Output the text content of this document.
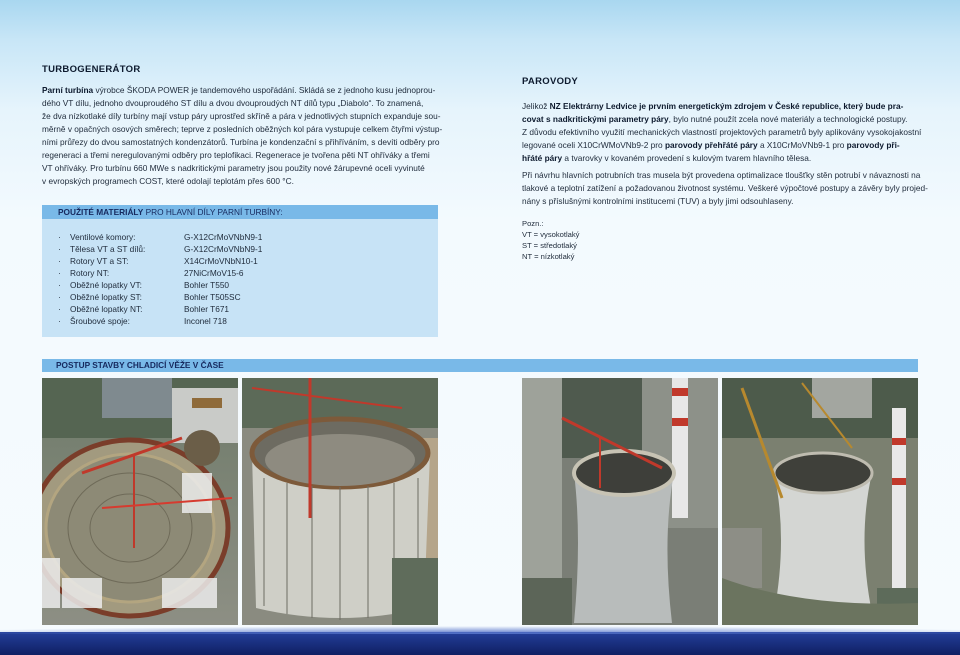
TURBOGENERÁTOR
Parní turbína výrobce ŠKODA POWER je tandemového uspořádání. Skládá se z jednoho kusu jednoprou-
dého VT dílu, jednoho dvouproudého ST dílu a dvou dvouproudých NT dílů typu „Diabolo“. To znamená,
že dva nízkotlaké díly turbíny mají vstup páry uprostřed skříně a pára v jednotlivých stupních expanduje sou-
měrně v opačných osových směrech; teprve z posledních oběžných kol pára vystupuje celkem čtyřmi výstup-
ními průřezy do dvou samostatných kondenzátorů. Turbína je kondenzační s přihříváním, s devíti odběry pro
regeneraci a třemi neregulovanými odběry pro teplofikaci. Regenerace je tvořena pěti NT ohříváky a třemi
VT ohříváky. Pro turbínu 660 MWe s nadkritickými parametry jsou použity nové žárupevné oceli vyvinuté
v evropských programech COST, které odolají teplotám přes 600 °C.
POUŽITÉ MATERIÁLY PRO HLAVNÍ DÍLY PARNÍ TURBÍNY:
· Ventilové komory:	G-X12CrMoVNbN9-1
· Tělesa VT a ST dílů:	G-X12CrMoVNbN9-1
· Rotory VT a ST:	X14CrMoVNbN10-1
· Rotory NT:	27NiCrMoV15-6
· Oběžné lopatky VT:	Bohler T550
· Oběžné lopatky ST:	Bohler T505SC
· Oběžné lopatky NT:	Bohler T671
· Šroubové spoje:	Inconel 718
PAROVODY
Jelikož NZ Elektrárny Ledvice je prvním energetickým zdrojem v České republice, který bude pra-
covat s nadkritickými parametry páry, bylo nutné použít zcela nové materiály a technologické postupy.
Z důvodu efektivního využití mechanických vlastností projektových parametrů byly aplikovány vysokojakostní
legované oceli X10CrWMoVNb9-2 pro parovody přehřáté páry a X10CrMoVNb9-1 pro parovody při-
hřáté páry a tvarovky v kovaném provedení s kulovým tvarem hlavního tělesa.
Při návrhu hlavních potrubních tras musela být provedena optimalizace tloušťky stěn potrubí v návaznosti na
tlakové a teplotní zatížení a požadovanou životnost systému. Veškeré výpočtové postupy a závěry byly projed-
nány s příslušnými kontrolními institucemi (TUV) a byly jimi odsouhlaseny.
Pozn.:
VT = vysokotlaký
ST = středotlaký
NT = nízkotlaký
POSTUP STAVBY CHLADICÍ VĚŽE V ČASE
